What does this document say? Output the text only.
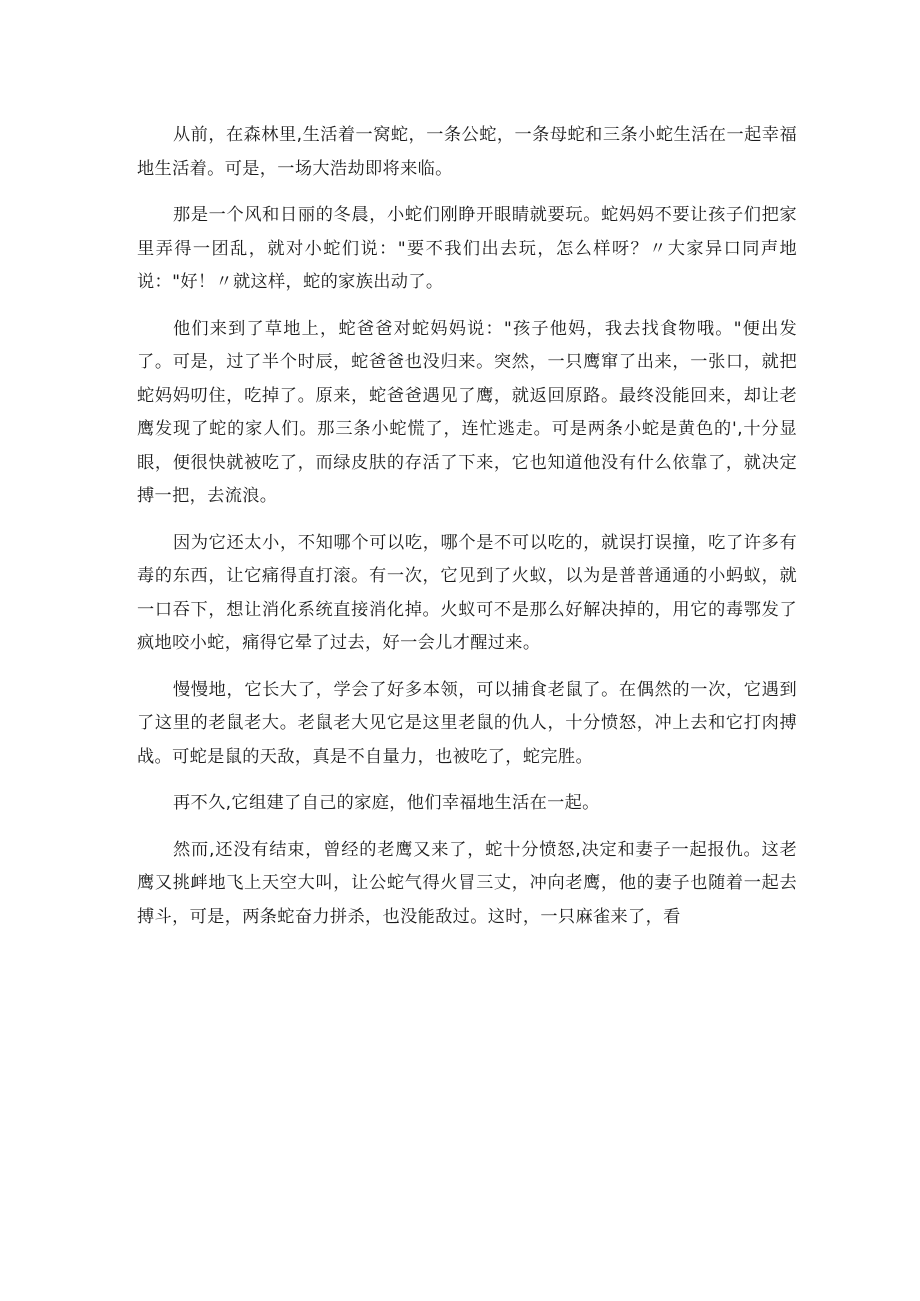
从前，在森林里,生活着一窝蛇，一条公蛇，一条母蛇和三条小蛇生活在一起幸福地生活着。可是，一场大浩劫即将来临。

那是一个风和日丽的冬晨，小蛇们刚睁开眼睛就要玩。蛇妈妈不要让孩子们把家里弄得一团乱，就对小蛇们说："要不我们出去玩，怎么样呀？〃大家异口同声地说："好！〃就这样，蛇的家族出动了。

他们来到了草地上，蛇爸爸对蛇妈妈说："孩子他妈，我去找食物哦。"便出发了。可是，过了半个时辰，蛇爸爸也没归来。突然，一只鹰窜了出来，一张口，就把蛇妈妈叨住，吃掉了。原来，蛇爸爸遇见了鹰，就返回原路。最终没能回来，却让老鹰发现了蛇的家人们。那三条小蛇慌了，连忙逃走。可是两条小蛇是黄色的',十分显眼，便很快就被吃了，而绿皮肤的存活了下来，它也知道他没有什么依靠了，就决定搏一把，去流浪。

因为它还太小，不知哪个可以吃，哪个是不可以吃的，就误打误撞，吃了许多有毒的东西，让它痛得直打滚。有一次，它见到了火蚁，以为是普普通通的小蚂蚁，就一口吞下，想让消化系统直接消化掉。火蚁可不是那么好解决掉的，用它的毒鄂发了疯地咬小蛇，痛得它晕了过去，好一会儿才醒过来。

慢慢地，它长大了，学会了好多本领，可以捕食老鼠了。在偶然的一次，它遇到了这里的老鼠老大。老鼠老大见它是这里老鼠的仇人，十分愤怒，冲上去和它打肉搏战。可蛇是鼠的天敌，真是不自量力，也被吃了，蛇完胜。

再不久,它组建了自己的家庭，他们幸福地生活在一起。

然而,还没有结束，曾经的老鹰又来了，蛇十分愤怒,决定和妻子一起报仇。这老鹰又挑衅地飞上天空大叫，让公蛇气得火冒三丈，冲向老鹰，他的妻子也随着一起去搏斗，可是，两条蛇奋力拼杀，也没能敌过。这时，一只麻雀来了，看
